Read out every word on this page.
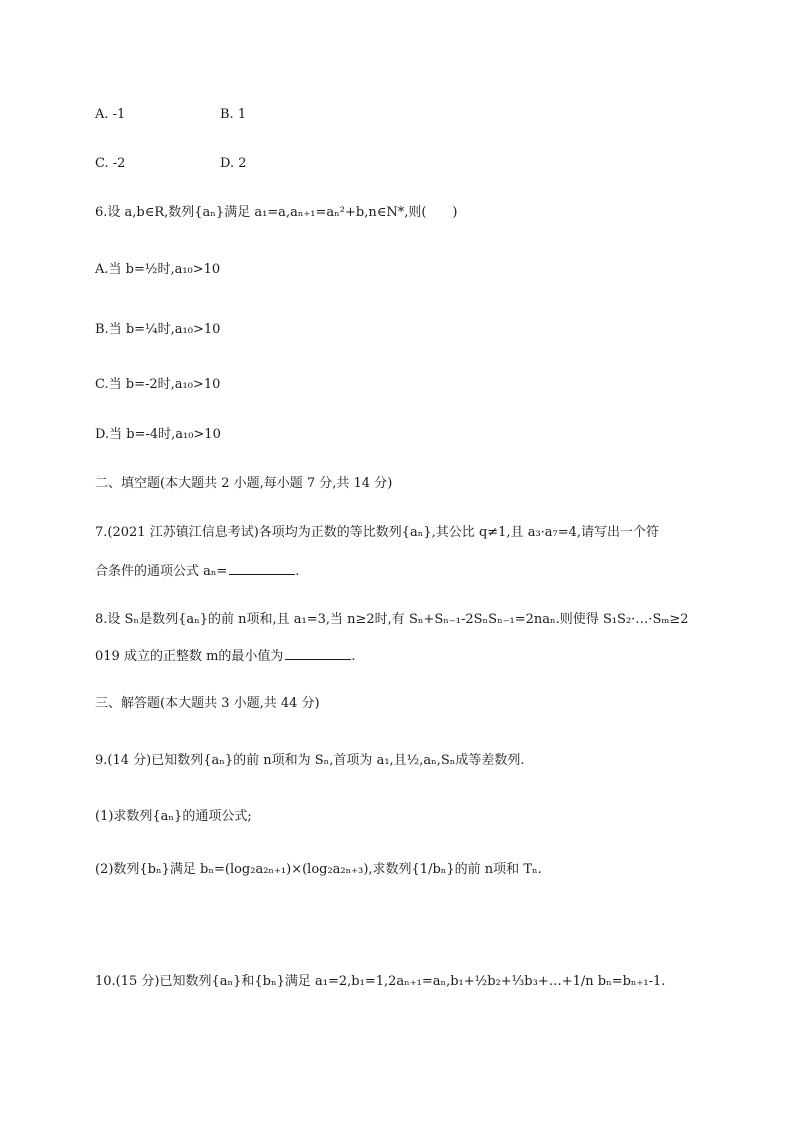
A. -1	B. 1
C. -2	D. 2
6.设 a,b∈R,数列{aₙ}满足 a₁=a,aₙ₊₁=aₙ²+b,n∈N*,则(　　)
A.当 b=½时,a₁₀>10
B.当 b=¼时,a₁₀>10
C.当 b=-2时,a₁₀>10
D.当 b=-4时,a₁₀>10
二、填空题(本大题共 2 小题,每小题 7 分,共 14 分)
7.(2021 江苏镇江信息考试)各项均为正数的等比数列{aₙ},其公比 q≠1,且 a₃·a₇=4,请写出一个符
合条件的通项公式 aₙ=	.
8.设 Sₙ是数列{aₙ}的前 n项和,且 a₁=3,当 n≥2时,有 Sₙ+Sₙ₋₁-2SₙSₙ₋₁=2naₙ.则使得 S₁S₂·…·Sₘ≥2
019 成立的正整数 m的最小值为	.
三、解答题(本大题共 3 小题,共 44 分)
9.(14 分)已知数列{aₙ}的前 n项和为 Sₙ,首项为 a₁,且½,aₙ,Sₙ成等差数列.
(1)求数列{aₙ}的通项公式;
(2)数列{bₙ}满足 bₙ=(log₂a₂ₙ₊₁)×(log₂a₂ₙ₊₃),求数列{1/bₙ}的前 n项和 Tₙ.
10.(15 分)已知数列{aₙ}和{bₙ}满足 a₁=2,b₁=1,2aₙ₊₁=aₙ,b₁+½b₂+⅓b₃+…+1/n bₙ=bₙ₊₁-1.
